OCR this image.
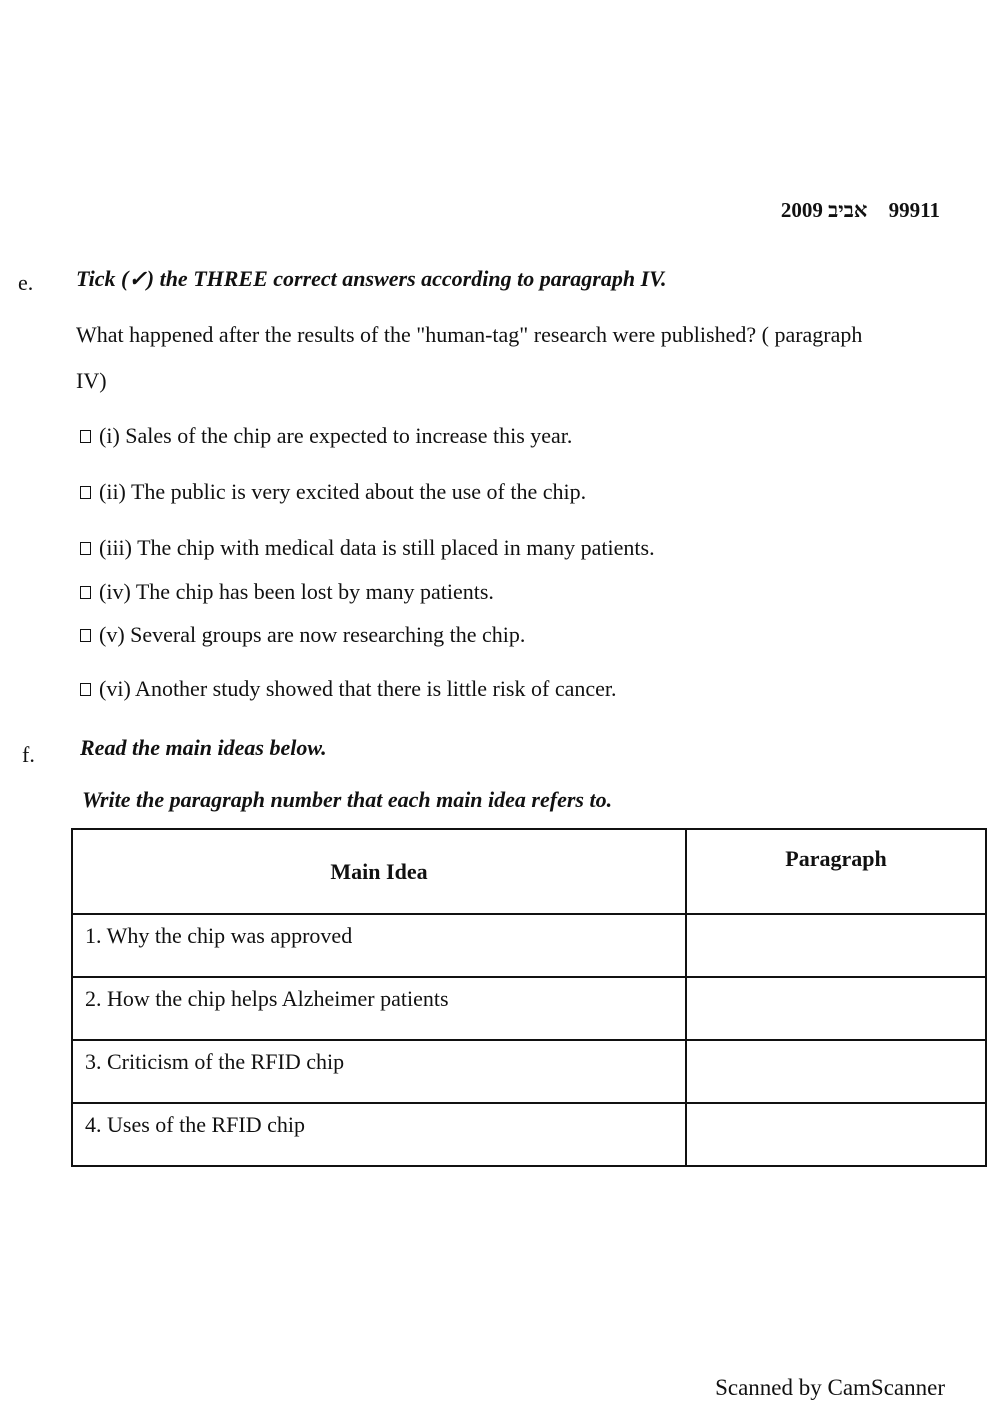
2009 אביב 99911
e. Tick (✓) the THREE correct answers according to paragraph IV.
What happened after the results of the "human-tag" research were published? ( paragraph
IV)
(i) Sales of the chip are expected to increase this year.
(ii) The public is very excited about the use of the chip.
(iii) The chip with medical data is still placed in many patients.
(iv) The chip has been lost by many patients.
(v) Several groups are now researching the chip.
(vi) Another study showed that there is little risk of cancer.
f. Read the main ideas below.
Write the paragraph number that each main idea refers to.
Main Idea	Paragraph
1. Why the chip was approved	
2. How the chip helps Alzheimer patients	
3. Criticism of the RFID chip	
4. Uses of the RFID chip	
Scanned by CamScanner
